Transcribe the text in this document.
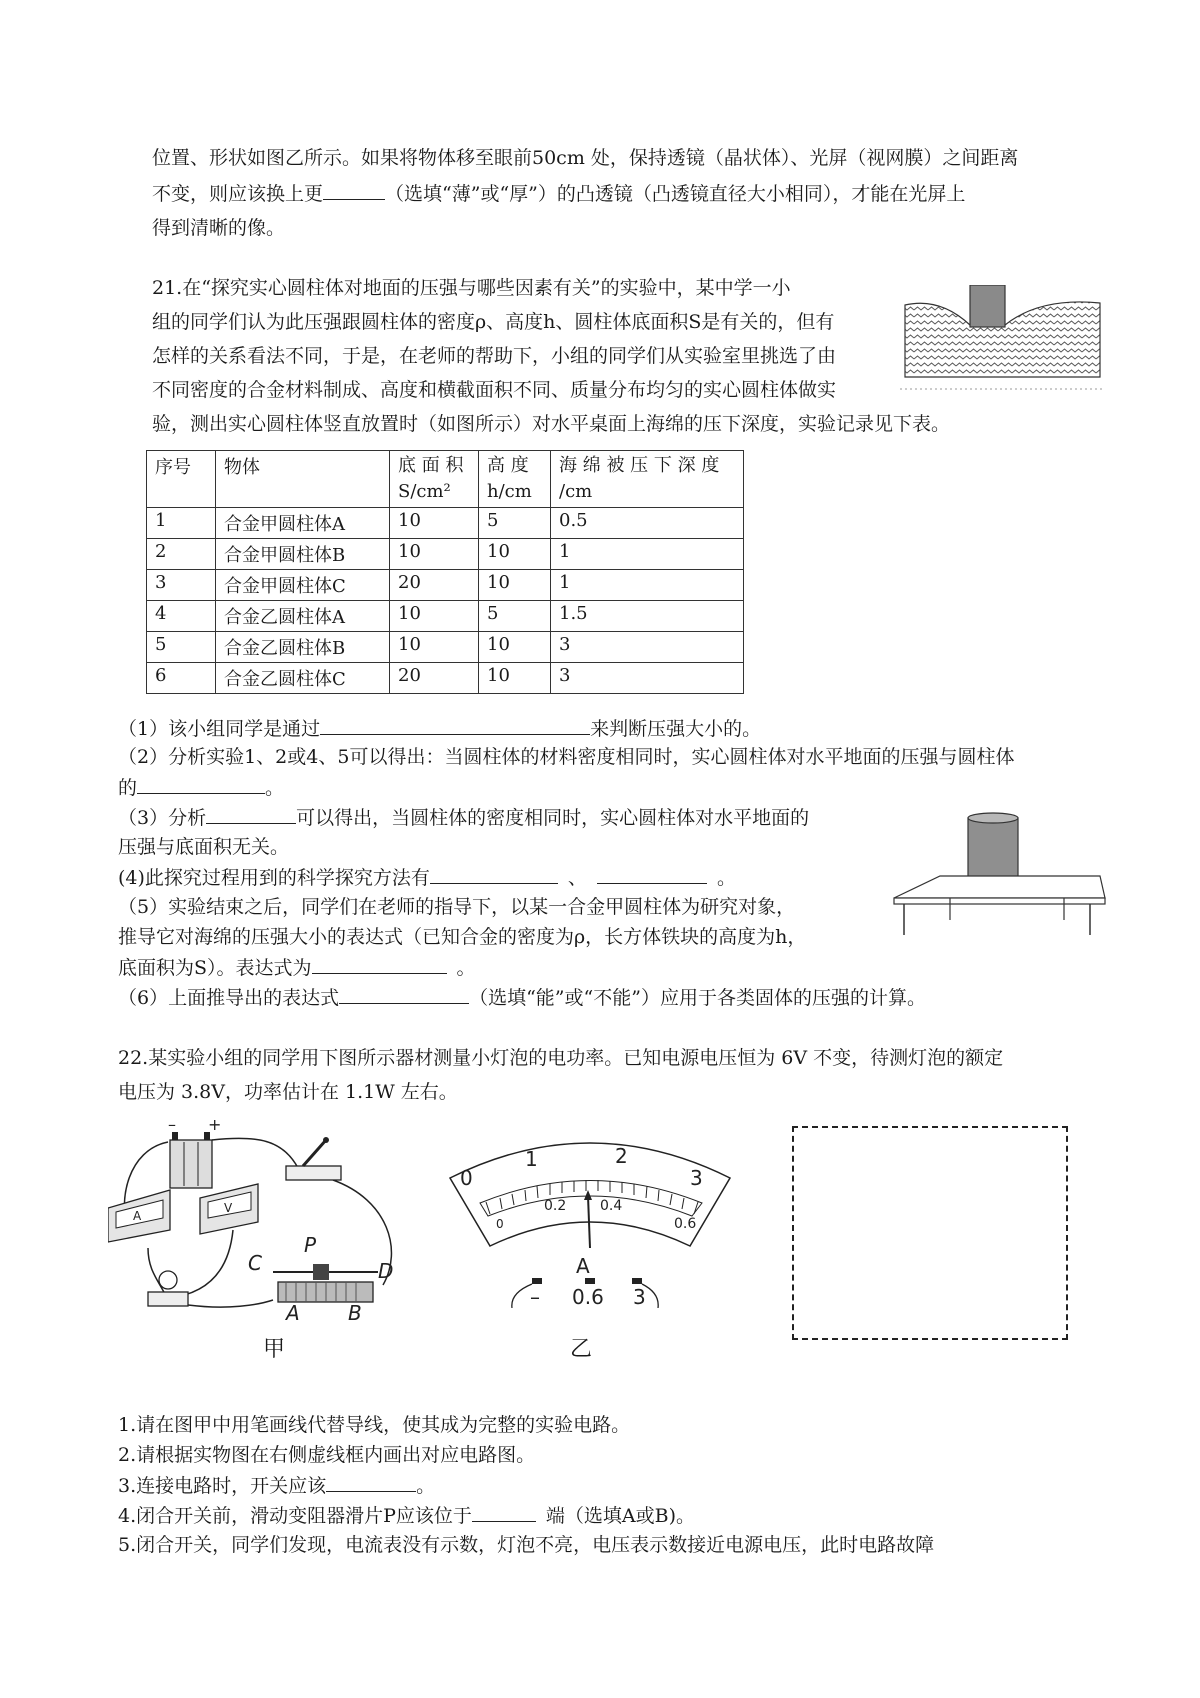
位置、形状如图乙所示。如果将物体移至眼前50cm 处，保持透镜（晶状体）、光屏（视网膜）之间距离
不变，则应该换上更	（选填“薄”或“厚”）的凸透镜（凸透镜直径大小相同），才能在光屏上
得到清晰的像。
21.在“探究实心圆柱体对地面的压强与哪些因素有关”的实验中，某中学一小
组的同学们认为此压强跟圆柱体的密度ρ、高度h、圆柱体底面积S是有关的，但有
怎样的关系看法不同，于是，在老师的帮助下，小组的同学们从实验室里挑选了由
不同密度的合金材料制成、高度和横截面积不同、质量分布均匀的实心圆柱体做实
验，测出实心圆柱体竖直放置时（如图所示）对水平桌面上海绵的压下深度，实验记录见下表。
序号	物体	底 面 积 S/cm²	高 度 h/cm	海 绵 被 压 下 深 度 /cm
1	合金甲圆柱体A	10	5	0.5
2	合金甲圆柱体B	10	10	1
3	合金甲圆柱体C	20	10	1
4	合金乙圆柱体A	10	5	1.5
5	合金乙圆柱体B	10	10	3
6	合金乙圆柱体C	20	10	3
（1）该小组同学是通过	来判断压强大小的。
（2）分析实验1、2或4、5可以得出：当圆柱体的材料密度相同时，实心圆柱体对水平地面的压强与圆柱体
的	。
（3）分析	可以得出，当圆柱体的密度相同时，实心圆柱体对水平地面的
压强与底面积无关。
(4)此探究过程用到的科学探究方法有	、	。
（5）实验结束之后，同学们在老师的指导下，以某一合金甲圆柱体为研究对象，
推导它对海绵的压强大小的表达式（已知合金的密度为ρ，长方体铁块的高度为h，
底面积为S）。表达式为	。
（6）上面推导出的表达式	（选填“能”或“不能”）应用于各类固体的压强的计算。
22.某实验小组的同学用下图所示器材测量小灯泡的电功率。已知电源电压恒为 6V 不变，待测灯泡的额定
电压为 3.8V，功率估计在 1.1W 左右。
– +
A
V
C
P
D
A B
甲
0
1	2
3
0
0.2 0.4
0.6
A
– 0.6 3
乙
1.请在图甲中用笔画线代替导线，使其成为完整的实验电路。
2.请根据实物图在右侧虚线框内画出对应电路图。
3.连接电路时，开关应该	。
4.闭合开关前，滑动变阻器滑片P应该位于	端（选填A或B)。
5.闭合开关，同学们发现，电流表没有示数，灯泡不亮，电压表示数接近电源电压，此时电路故障
